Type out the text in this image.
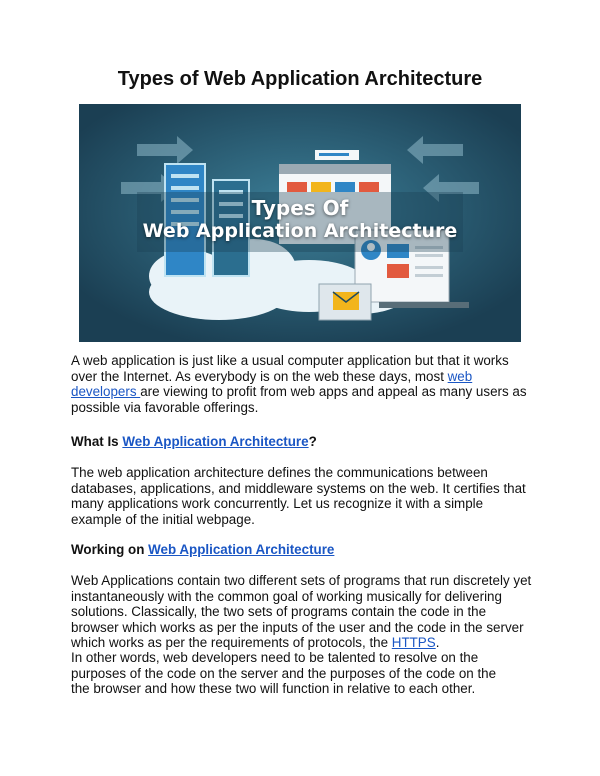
Types of Web Application Architecture
Types Of
Web Application Architecture

A web application is just like a usual computer application but that it works
over the Internet. As everybody is on the web these days, most web
developers are viewing to profit from web apps and appeal as many users as
possible via favorable offerings.

What Is Web Application Architecture?

The web application architecture defines the communications between
databases, applications, and middleware systems on the web. It certifies that
many applications work concurrently. Let us recognize it with a simple
example of the initial webpage.

Working on Web Application Architecture

Web Applications contain two different sets of programs that run discretely yet
instantaneously with the common goal of working musically for delivering
solutions. Classically, the two sets of programs contain the code in the
browser which works as per the inputs of the user and the code in the server
which works as per the requirements of protocols, the HTTPS.

In other words, web developers need to be talented to resolve on the
purposes of the code on the server and the purposes of the code on the
the browser and how these two will function in relative to each other.
